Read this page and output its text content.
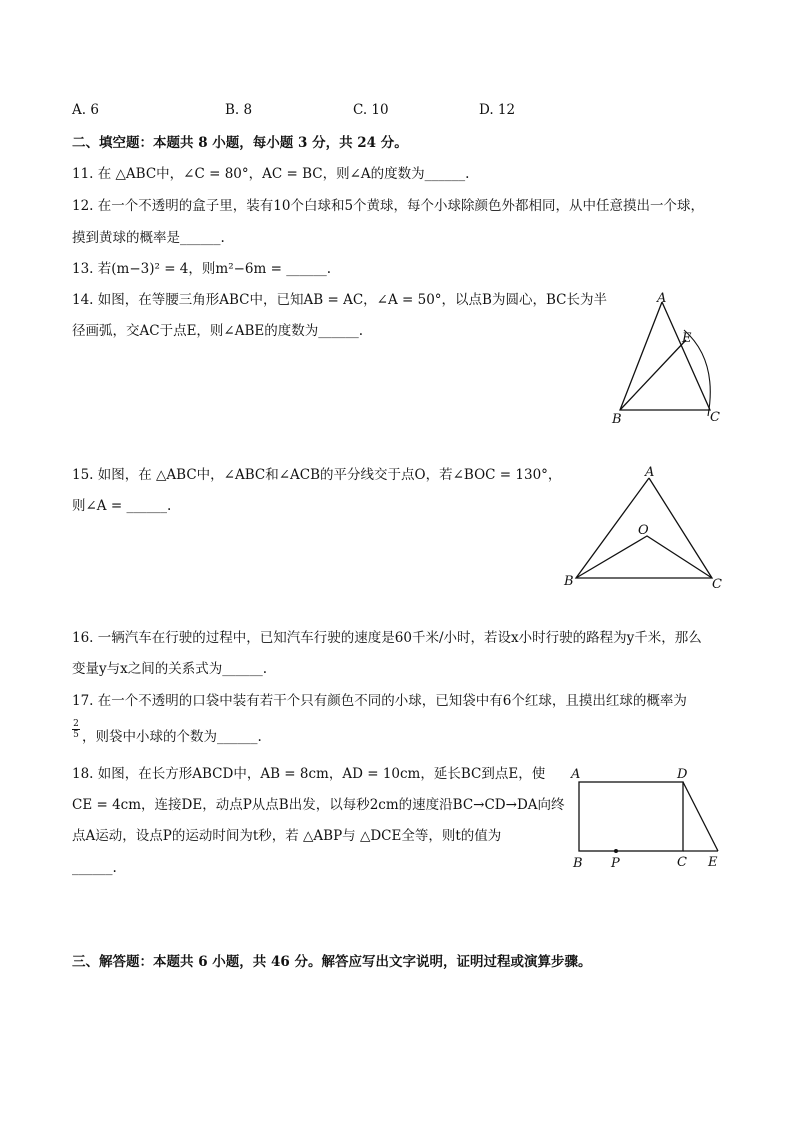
A. 6	B. 8	C. 10	D. 12
二、填空题：本题共 8 小题，每小题 3 分，共 24 分。
11. 在 △ABC中，∠C = 80°，AC = BC，则∠A的度数为______.
12. 在一个不透明的盒子里，装有10个白球和5个黄球，每个小球除颜色外都相同，从中任意摸出一个球，
摸到黄球的概率是______.
13. 若(m−3)² = 4，则m²−6m = ______.
14. 如图，在等腰三角形ABC中，已知AB = AC，∠A = 50°，以点B为圆心，BC长为半
径画弧，交AC于点E，则∠ABE的度数为______.
A
E
B	C
15. 如图，在 △ABC中，∠ABC和∠ACB的平分线交于点O，若∠BOC = 130°，
则∠A = ______.
A
O
B	C
16. 一辆汽车在行驶的过程中，已知汽车行驶的速度是60千米/小时，若设x小时行驶的路程为y千米，那么
变量y与x之间的关系式为______.
17. 在一个不透明的口袋中装有若干个只有颜色不同的小球，已知袋中有6个红球，且摸出红球的概率为
$\frac{2}{5}$ ，则袋中小球的个数为______.
18. 如图，在长方形ABCD中，AB = 8cm，AD = 10cm，延长BC到点E，使
CE = 4cm，连接DE，动点P从点B出发，以每秒2cm的速度沿BC→CD→DA向终
点A运动，设点P的运动时间为t秒，若 △ABP与 △DCE全等，则t的值为
______.
A	D
B P	C E
三、解答题：本题共 6 小题，共 46 分。解答应写出文字说明，证明过程或演算步骤。
